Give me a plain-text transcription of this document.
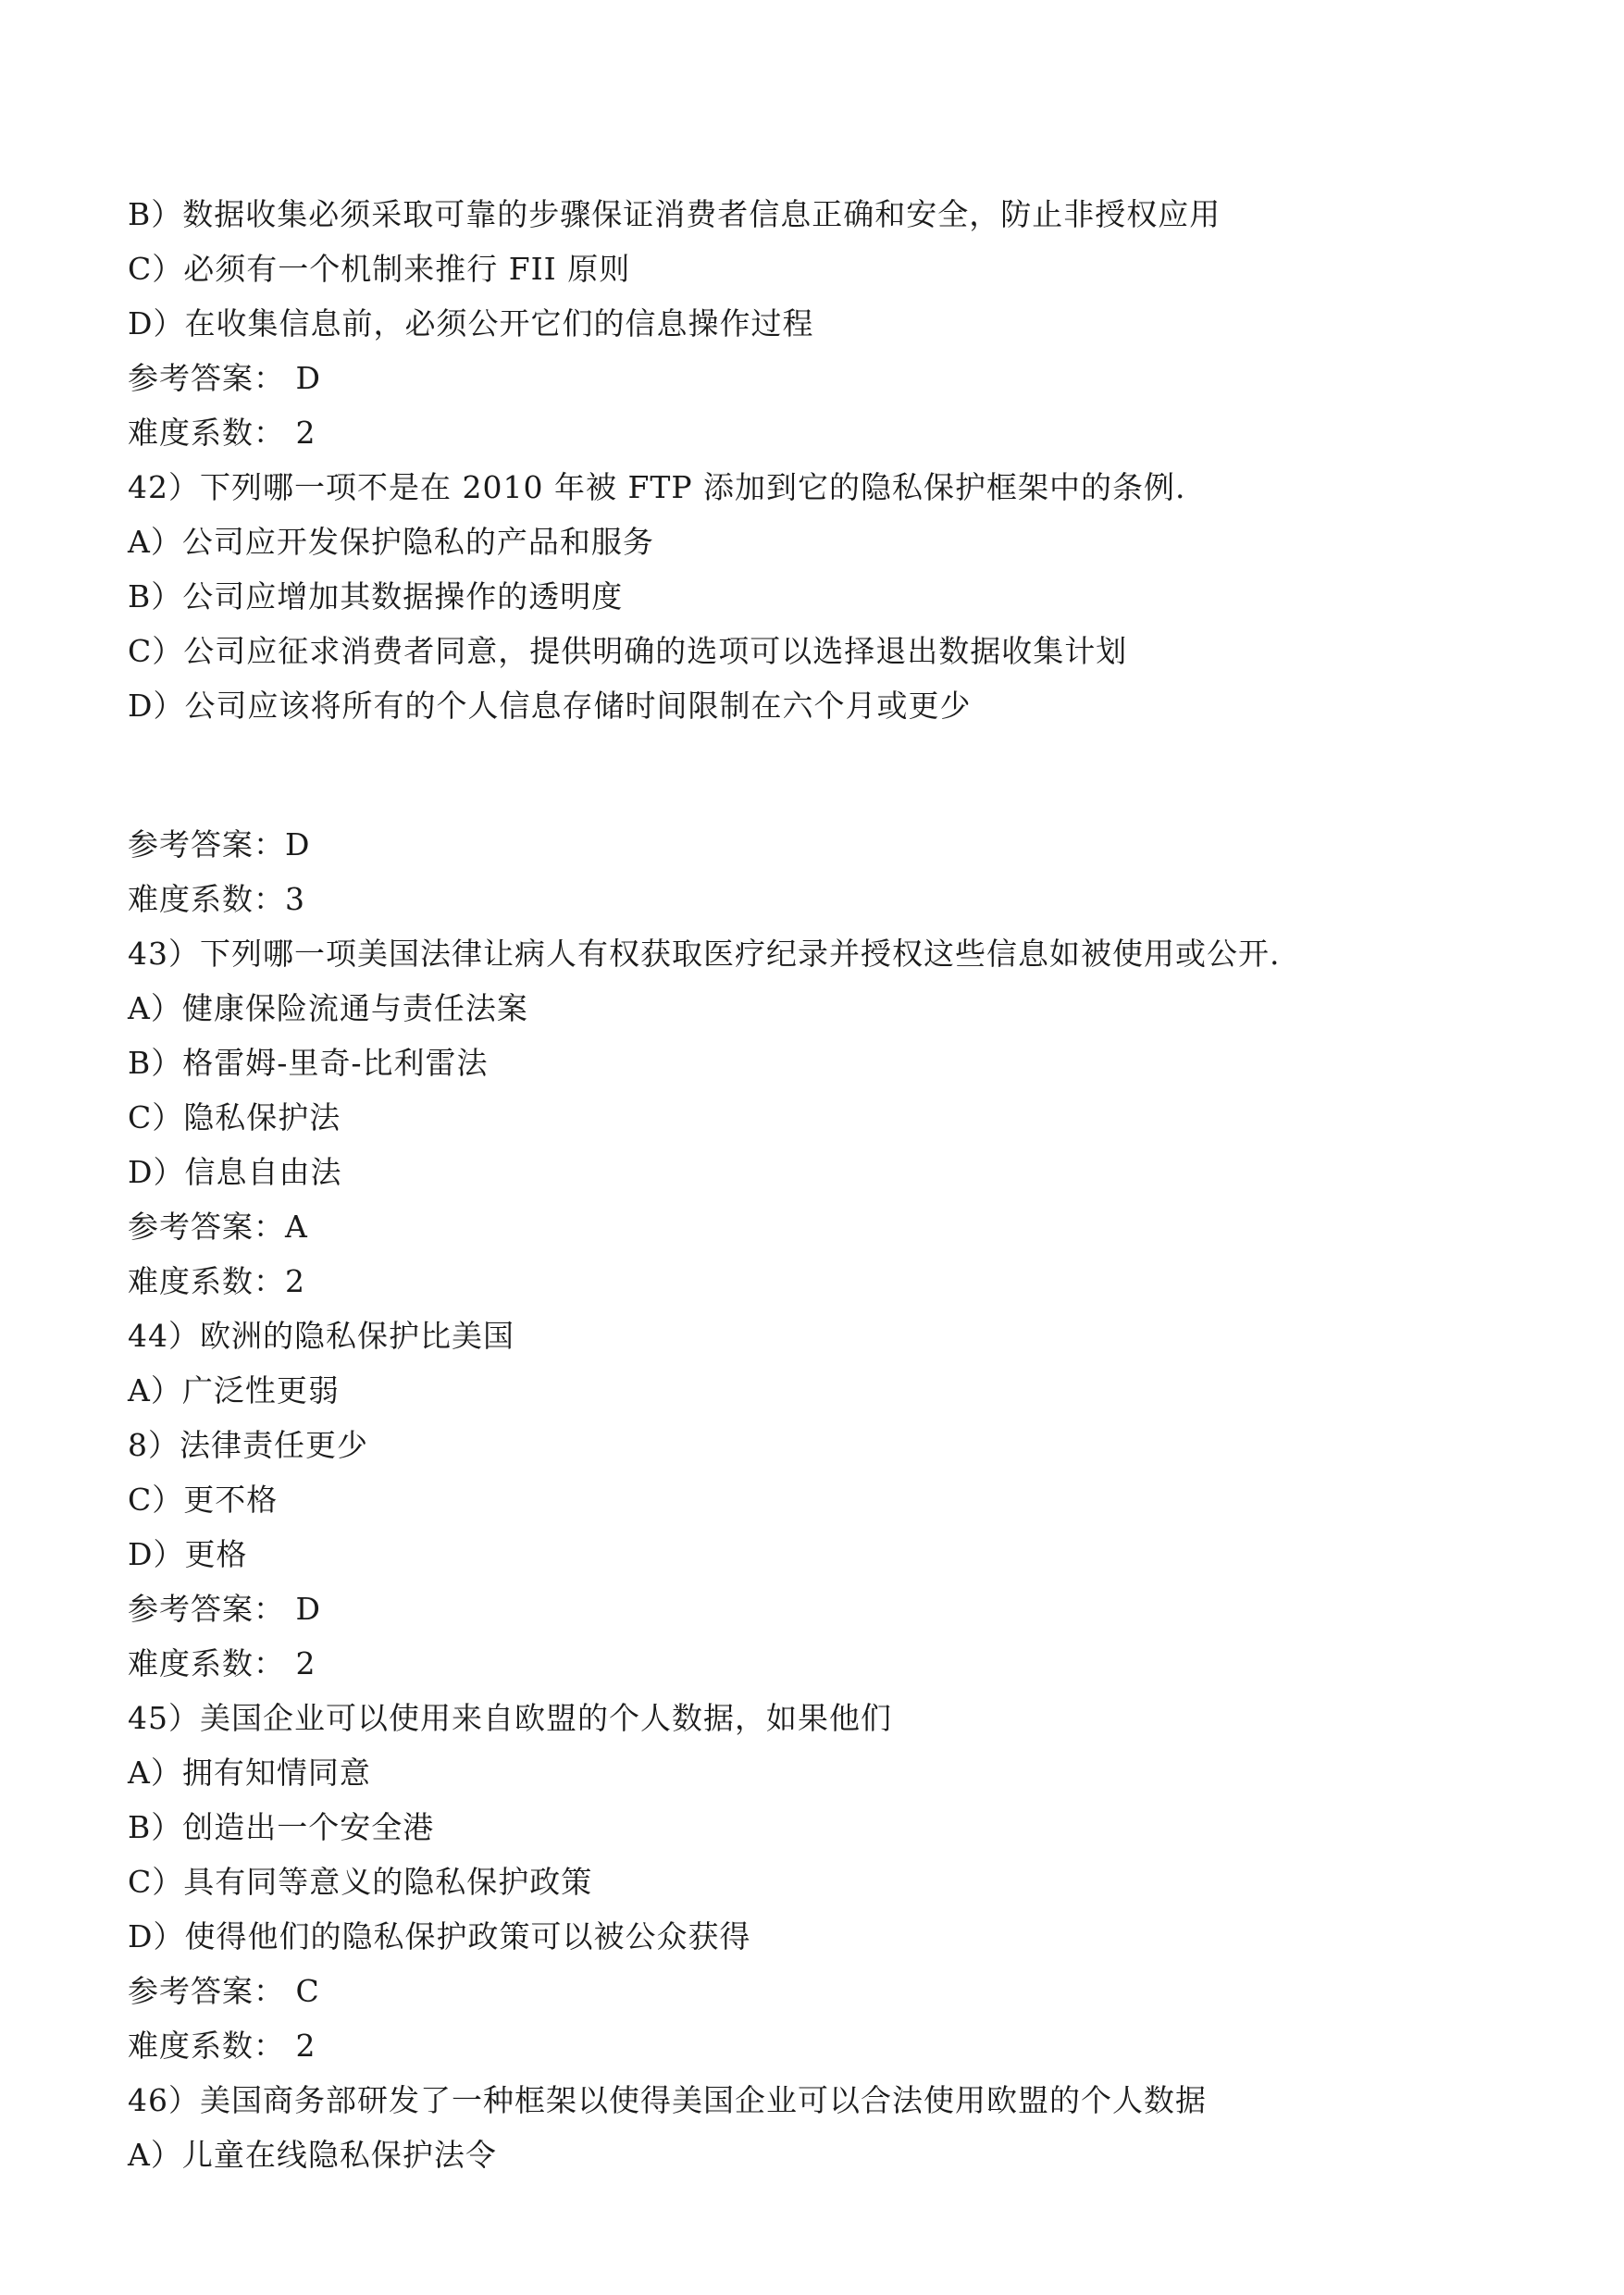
B）数据收集必须采取可靠的步骤保证消费者信息正确和安全，防止非授权应用
C）必须有一个机制来推行 FII 原则
D）在收集信息前，必须公开它们的信息操作过程
参考答案： D
难度系数： 2
42）下列哪一项不是在 2010 年被 FTP 添加到它的隐私保护框架中的条例.
A）公司应开发保护隐私的产品和服务
B）公司应增加其数据操作的透明度
C）公司应征求消费者同意，提供明确的选项可以选择退出数据收集计划
D）公司应该将所有的个人信息存储时间限制在六个月或更少
参考答案：D
难度系数：3
43）下列哪一项美国法律让病人有权获取医疗纪录并授权这些信息如被使用或公开.
A）健康保险流通与责任法案
B）格雷姆-里奇-比利雷法
C）隐私保护法
D）信息自由法
参考答案：A
难度系数：2
44）欧洲的隐私保护比美国
A）广泛性更弱
8）法律责任更少
C）更不格
D）更格
参考答案： D
难度系数： 2
45）美国企业可以使用来自欧盟的个人数据，如果他们
A）拥有知情同意
B）创造出一个安全港
C）具有同等意义的隐私保护政策
D）使得他们的隐私保护政策可以被公众获得
参考答案： C
难度系数： 2
46）美国商务部研发了一种框架以使得美国企业可以合法使用欧盟的个人数据
A）儿童在线隐私保护法令
